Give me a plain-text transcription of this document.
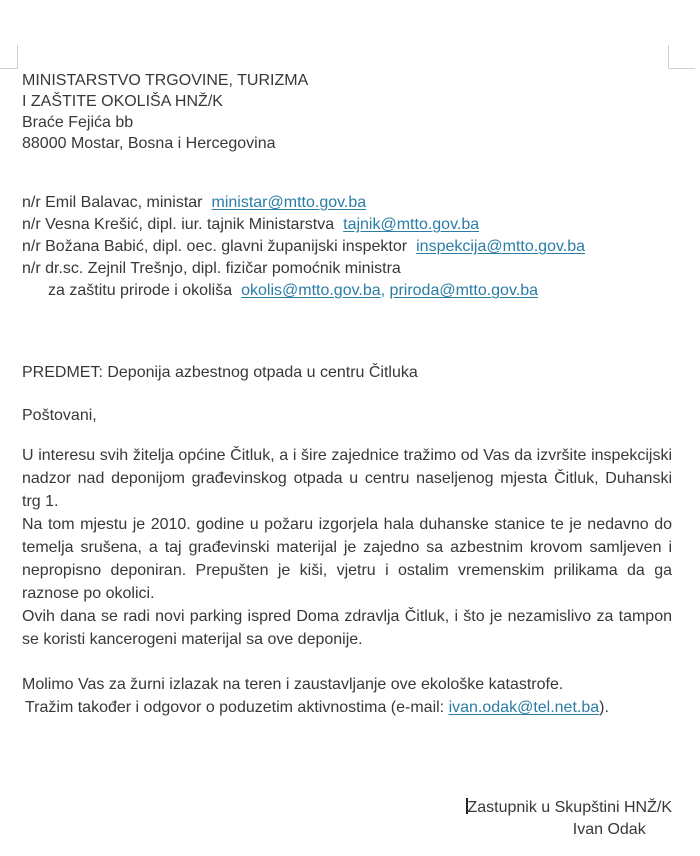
MINISTARSTVO TRGOVINE, TURIZMA
I ZAŠTITE OKOLIŠA HNŽ/K
Braće Fejića bb
88000 Mostar, Bosna i Hercegovina
n/r Emil Balavac, ministar ministar@mtto.gov.ba
n/r Vesna Krešić, dipl. iur. tajnik Ministarstva tajnik@mtto.gov.ba
n/r Božana Babić, dipl. oec. glavni županijski inspektor inspekcija@mtto.gov.ba
n/r dr.sc. Zejnil Trešnjo, dipl. fizičar pomoćnik ministra
za zaštitu prirode i okoliša okolis@mtto.gov.ba, priroda@mtto.gov.ba
PREDMET: Deponija azbestnog otpada u centru Čitluka
Poštovani,

U interesu svih žitelja općine Čitluk, a i šire zajednice tražimo od Vas da izvršite inspekcijski nadzor nad deponijom građevinskog otpada u centru naseljenog mjesta Čitluk, Duhanski trg 1.

Na tom mjestu je 2010. godine u požaru izgorjela hala duhanske stanice te je nedavno do temelja srušena, a taj građevinski materijal je zajedno sa azbestnim krovom samljeven i nepropisno deponiran. Prepušten je kiši, vjetru i ostalim vremenskim prilikama da ga raznose po okolici.

Ovih dana se radi novi parking ispred Doma zdravlja Čitluk, i što je nezamislivo za tampon se koristi kancerogeni materijal sa ove deponije.

Molimo Vas za žurni izlazak na teren i zaustavljanje ove ekološke katastrofe.
Tražim također i odgovor o poduzetim aktivnostima (e-mail: ivan.odak@tel.net.ba).
Zastupnik u Skupštini HNŽ/K
Ivan Odak
